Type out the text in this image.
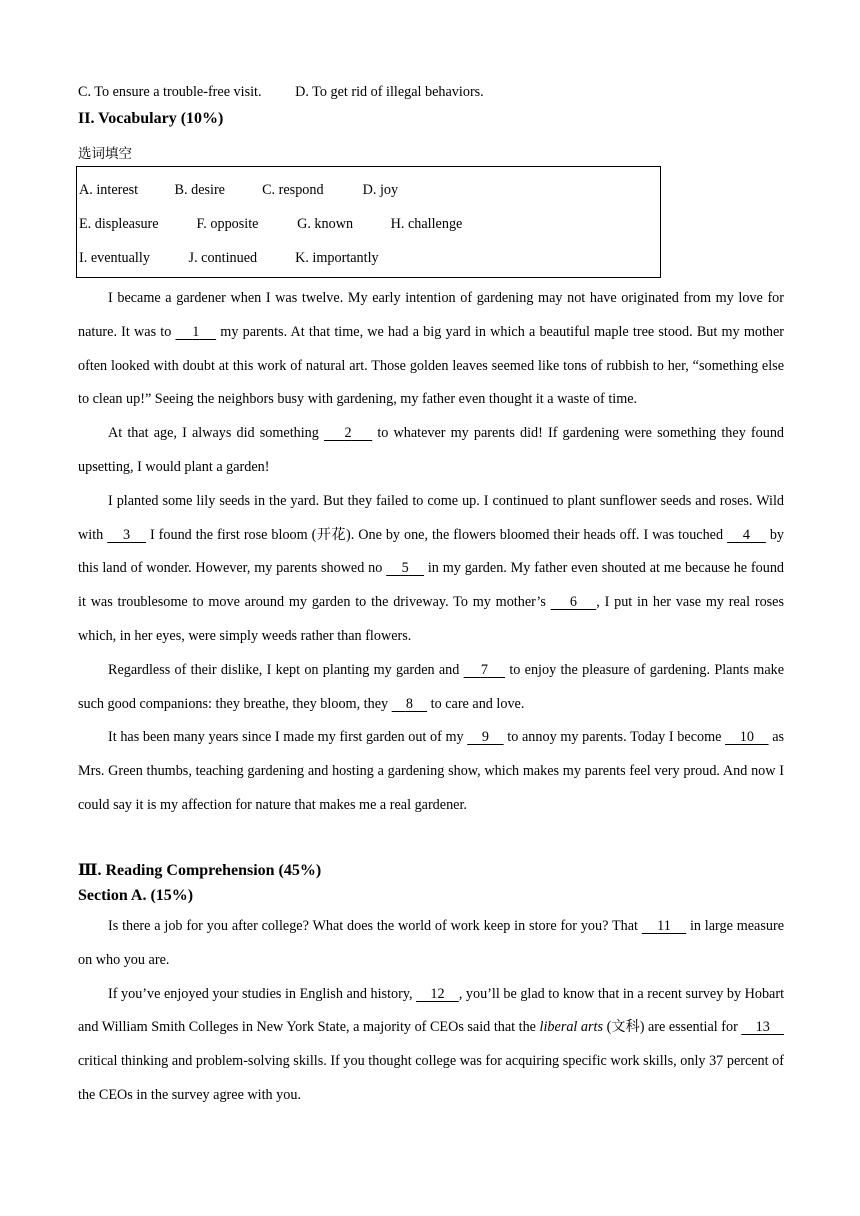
C. To ensure a trouble-free visit. D. To get rid of illegal behaviors.
II. Vocabulary (10%)
选词填空
A. interest	B. desire	C. respond	D. joy
E. displeasure	F. opposite	G. known	H. challenge
I. eventually	J. continued	K. importantly

I became a gardener when I was twelve. My early intention of gardening may not have originated from my love for nature. It was to     1     my parents. At that time, we had a big yard in which a beautiful maple tree stood. But my mother often looked with doubt at this work of natural art. Those golden leaves seemed like tons of rubbish to her, “something else to clean up!” Seeing the neighbors busy with gardening, my father even thought it a waste of time.

At that age, I always did something     2     to whatever my parents did! If gardening were something they found upsetting, I would plant a garden!

I planted some lily seeds in the yard. But they failed to come up. I continued to plant sunflower seeds and roses. Wild with     3     I found the first rose bloom (开花). One by one, the flowers bloomed their heads off. I was touched     4     by this land of wonder. However, my parents showed no     5     in my garden. My father even shouted at me because he found it was troublesome to move around my garden to the driveway. To my mother’s     6 , I put in her vase my real roses which, in her eyes, were simply weeds rather than flowers.

Regardless of their dislike, I kept on planting my garden and     7     to enjoy the pleasure of gardening. Plants make such good companions: they breathe, they bloom, they     8     to care and love.

It has been many years since I made my first garden out of my     9     to annoy my parents. Today I become     10     as Mrs. Green thumbs, teaching gardening and hosting a gardening show, which makes my parents feel very proud. And now I could say it is my affection for nature that makes me a real gardener.

Ⅲ. Reading Comprehension (45%)
Section A. (15%)

Is there a job for you after college? What does the world of work keep in store for you? That     11     in large measure on who you are.

If you’ve enjoyed your studies in English and history,     12 , you’ll be glad to know that in a recent survey by Hobart and William Smith Colleges in New York State, a majority of CEOs said that the liberal arts (文科) are essential for     13     critical thinking and problem-solving skills. If you thought college was for acquiring specific work skills, only 37 percent of the CEOs in the survey agree with you.
